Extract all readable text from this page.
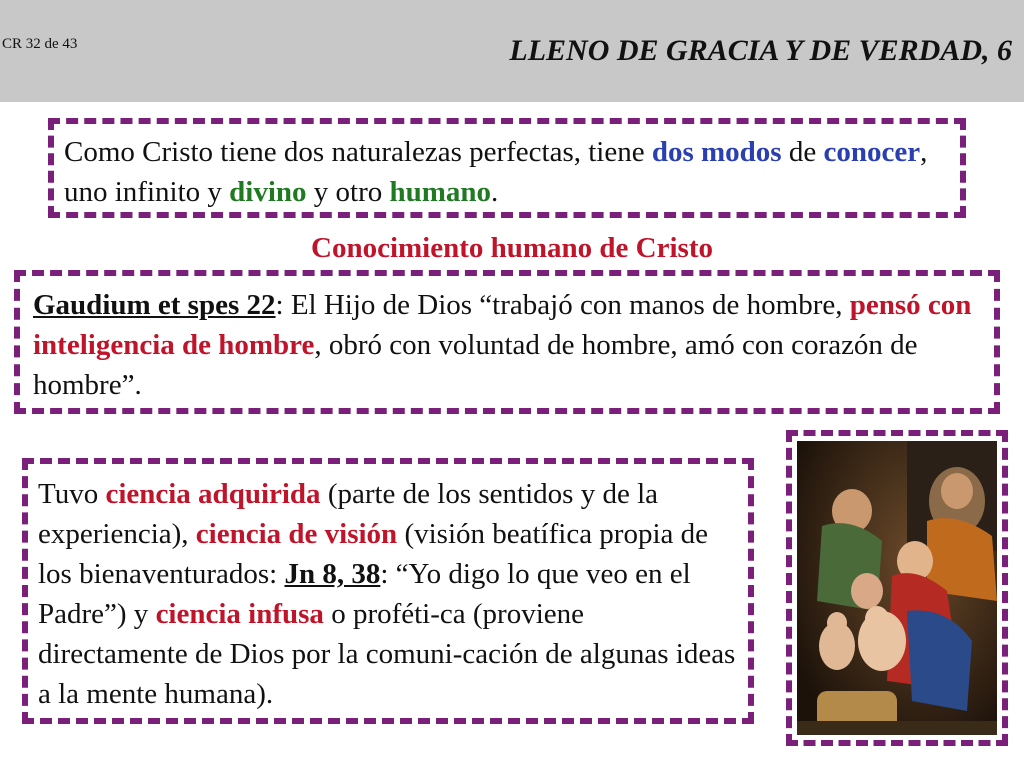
CR 32 de 43	LLENO DE GRACIA Y DE VERDAD, 6

Como Cristo tiene dos naturalezas perfectas, tiene dos modos de conocer, uno infinito y divino y otro humano.

Conocimiento humano de Cristo

Gaudium et spes 22: El Hijo de Dios “trabajó con manos de hombre, pensó con inteligencia de hombre, obró con voluntad de hombre, amó con corazón de hombre”.

Tuvo ciencia adquirida (parte de los sentidos y de la experiencia), ciencia de visión (visión beatífica propia de los bienaventurados: Jn 8, 38: “Yo digo lo que veo en el Padre”) y ciencia infusa o proféti-ca (proviene directamente de Dios por la comuni-cación de algunas ideas a la mente humana).
